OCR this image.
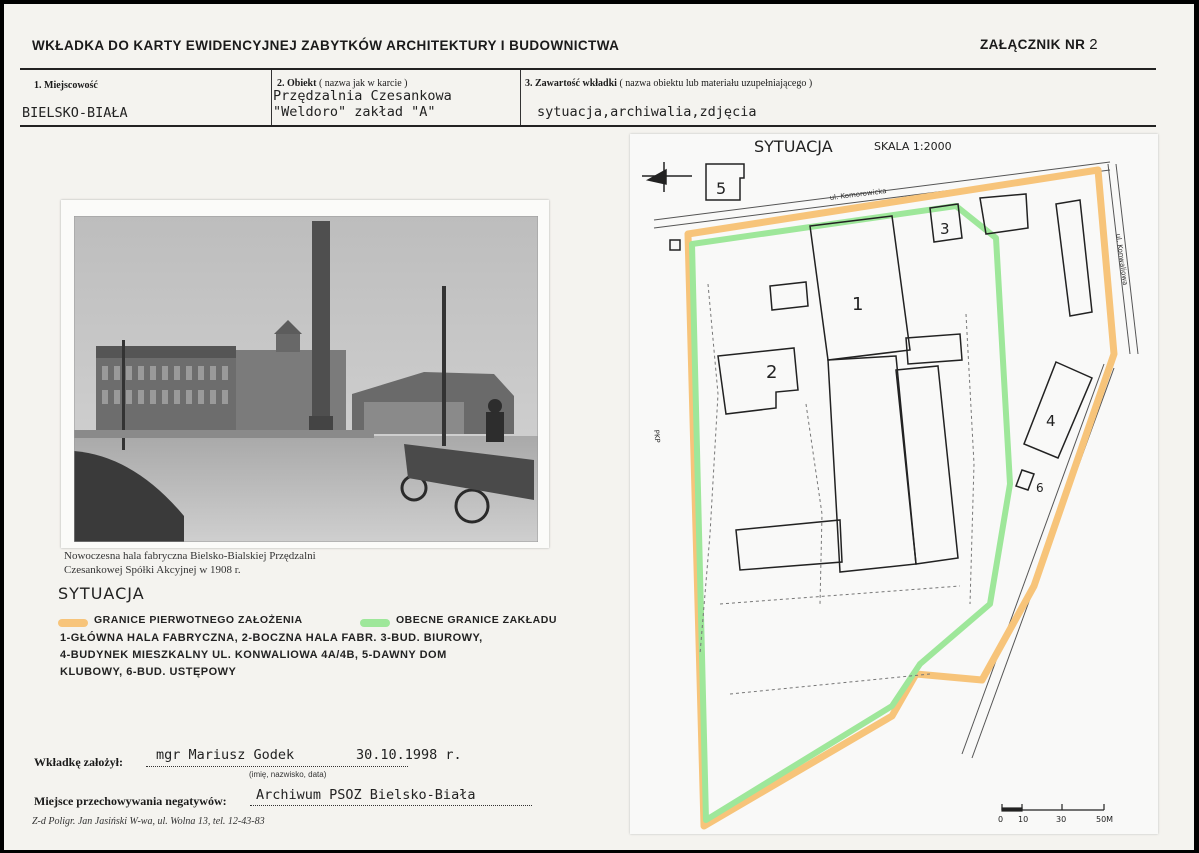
WKŁADKA DO KARTY EWIDENCYJNEJ ZABYTKÓW ARCHITEKTURY I BUDOWNICTWA	ZAŁĄCZNIK NR 2
1. Miejscowość
BIELSKO-BIAŁA
2. Obiekt ( nazwa jak w karcie )
Przędzalnia Czesankowa
"Weldoro" zakład "A"
3. Zawartość wkładki ( nazwa obiektu lub materiału uzupełniającego )
sytuacja,archiwalia,zdjęcia
Nowoczesna hala fabryczna Bielsko-Bialskiej Przędzalni
Czesankowej Spółki Akcyjnej w 1908 r.
SYTUACJA
GRANICE PIERWOTNEGO ZAŁOŻENIA	OBECNE GRANICE ZAKŁADU
1-GŁÓWNA HALA FABRYCZNA, 2-BOCZNA HALA FABR. 3-BUD. BIUROWY,
4-BUDYNEK MIESZKALNY UL. KONWALIOWA 4A/4B, 5-DAWNY DOM
KLUBOWY, 6-BUD. USTĘPOWY
Wkładkę założył: mgr Mariusz Godek	30.10.1998 r.
(imię, nazwisko, data)
Miejsce przechowywania negatywów: Archiwum PSOZ Bielsko-Biała
Z-d Poligr. Jan Jasiński W-wa, ul. Wolna 13, tel. 12-43-83
SYTUACJA	SKALA 1:2000
5	ul. Komorowicka
ul. Konwaliowa
PKP
1
2
3
4
6
0 10	30	50M
